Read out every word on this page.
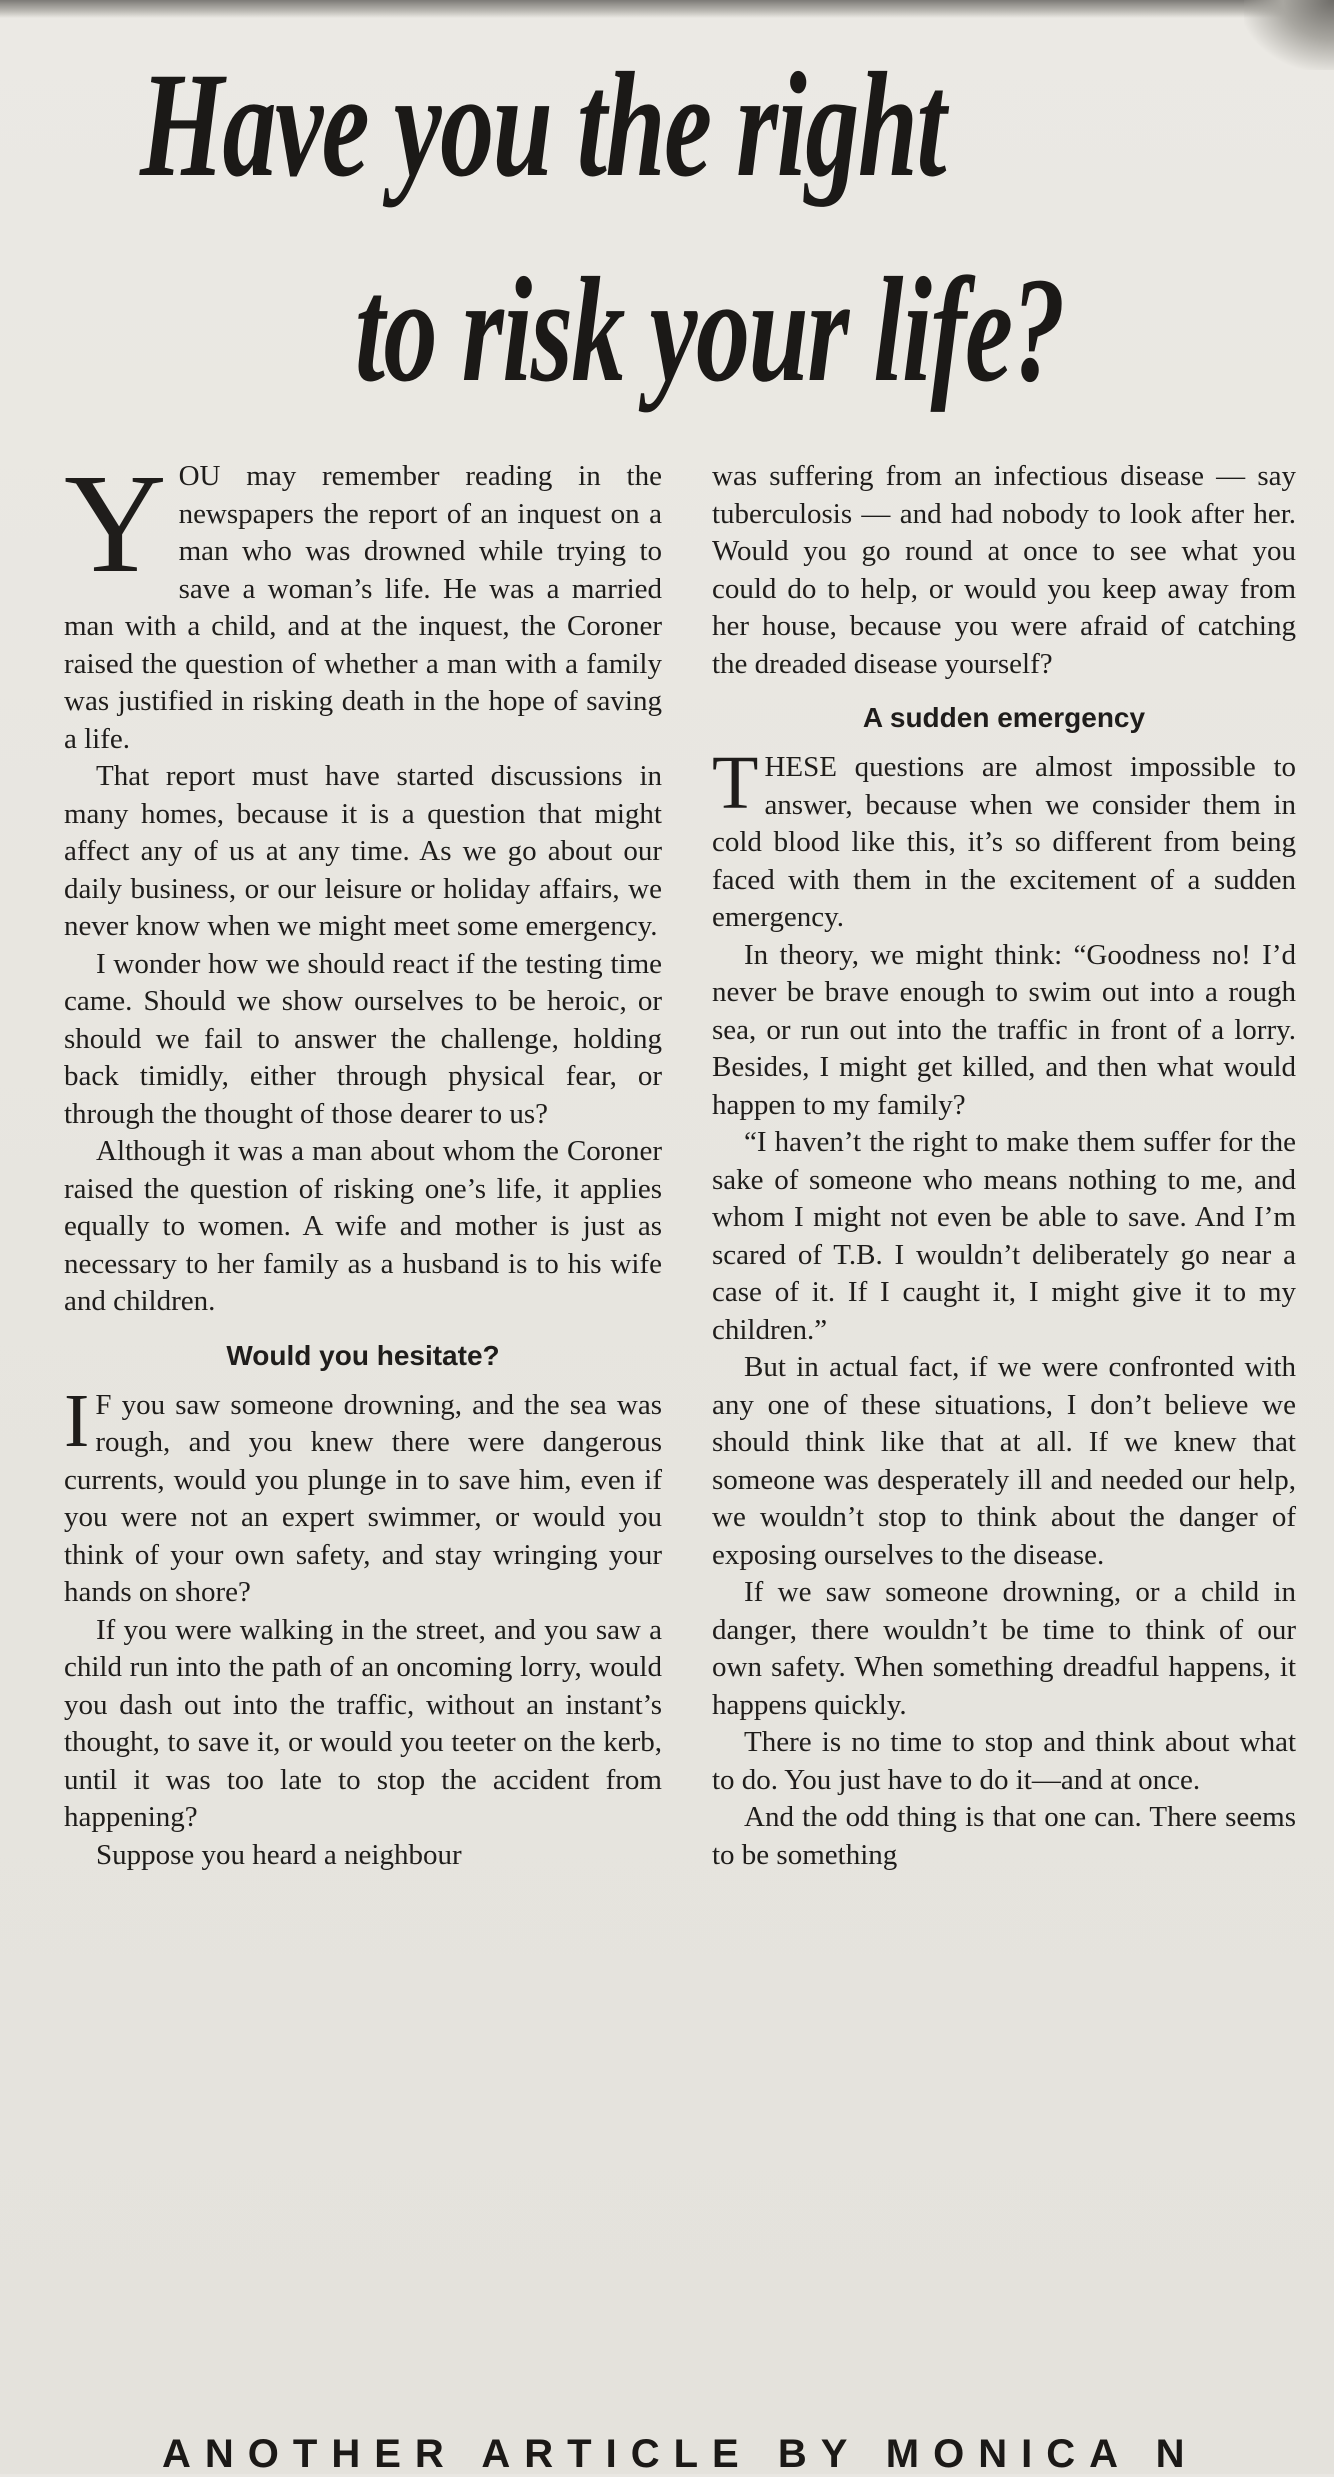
Have you the right
to risk your life?

YOU may remember reading in the newspapers the report of an inquest on a man who was drowned while trying to save a woman’s life. He was a married man with a child, and at the inquest, the Coroner raised the question of whether a man with a family was justified in risking death in the hope of saving a life.

That report must have started discussions in many homes, because it is a question that might affect any of us at any time. As we go about our daily business, or our leisure or holiday affairs, we never know when we might meet some emergency.

I wonder how we should react if the testing time came. Should we show ourselves to be heroic, or should we fail to answer the challenge, holding back timidly, either through physical fear, or through the thought of those dearer to us?

Although it was a man about whom the Coroner raised the question of risking one’s life, it applies equally to women. A wife and mother is just as necessary to her family as a husband is to his wife and children.

Would you hesitate?

I F you saw someone drowning, and the sea was rough, and you knew there were dangerous currents, would you plunge in to save him, even if you were not an expert swimmer, or would you think of your own safety, and stay wringing your hands on shore?

If you were walking in the street, and you saw a child run into the path of an oncoming lorry, would you dash out into the traffic, without an instant’s thought, to save it, or would you teeter on the kerb, until it was too late to stop the accident from happening?

Suppose you heard a neighbour

was suffering from an infectious disease — say tuberculosis — and had nobody to look after her. Would you go round at once to see what you could do to help, or would you keep away from her house, because you were afraid of catching the dreaded disease yourself?

A sudden emergency

THESE questions are almost impossible to answer, because when we consider them in cold blood like this, it’s so different from being faced with them in the excitement of a sudden emergency.

In theory, we might think: “Goodness no! I’d never be brave enough to swim out into a rough sea, or run out into the traffic in front of a lorry. Besides, I might get killed, and then what would happen to my family?

“I haven’t the right to make them suffer for the sake of someone who means nothing to me, and whom I might not even be able to save. And I’m scared of T.B. I wouldn’t deliberately go near a case of it. If I caught it, I might give it to my children.”

But in actual fact, if we were confronted with any one of these situations, I don’t believe we should think like that at all. If we knew that someone was desperately ill and needed our help, we wouldn’t stop to think about the danger of exposing ourselves to the disease.

If we saw someone drowning, or a child in danger, there wouldn’t be time to think of our own safety. When something dreadful happens, it happens quickly.

There is no time to stop and think about what to do. You just have to do it—and at once.

And the odd thing is that one can. There seems to be something

ANOTHER ARTICLE BY MONICA N
